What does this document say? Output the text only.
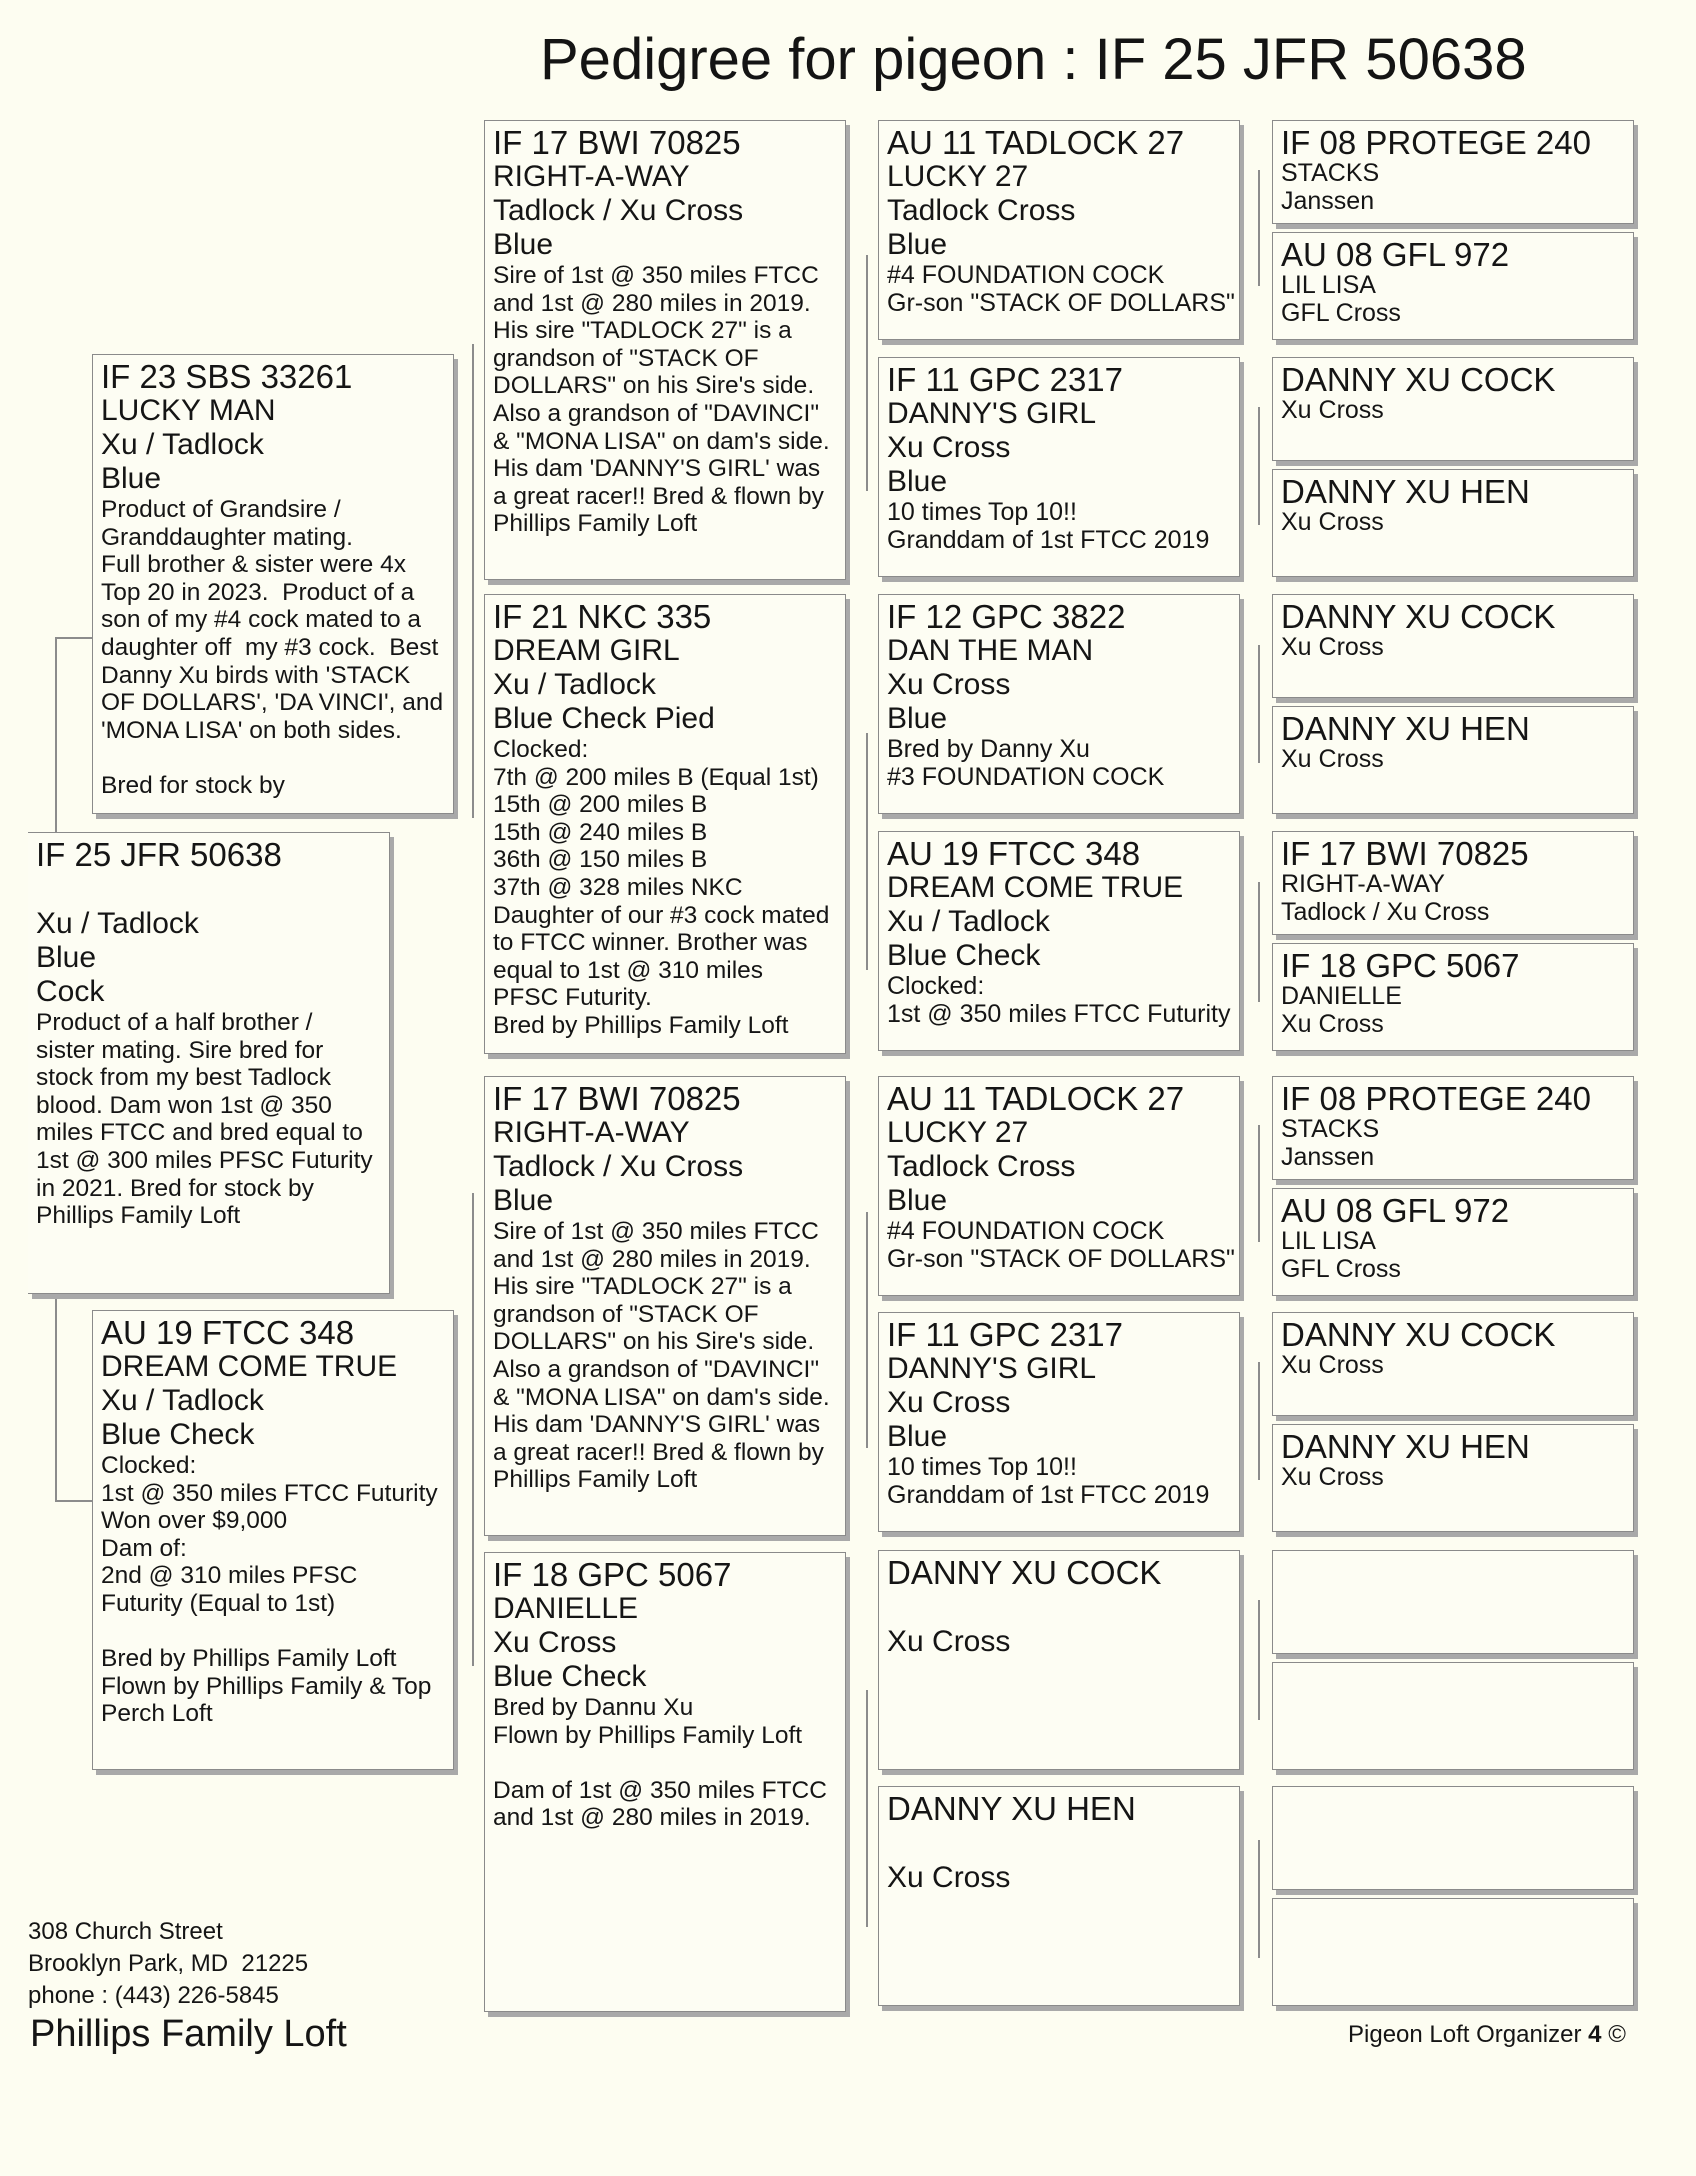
Pedigree for pigeon : IF 25 JFR 50638
IF 25 JFR 50638

Xu / Tadlock
Blue
Cock
Product of a half brother /
sister mating. Sire bred for
stock from my best Tadlock
blood. Dam won 1st @ 350
miles FTCC and bred equal to
1st @ 300 miles PFSC Futurity
in 2021. Bred for stock by
Phillips Family Loft
IF 23 SBS 33261
LUCKY MAN
Xu / Tadlock
Blue
Product of Grandsire /
Granddaughter mating.
Full brother & sister were 4x
Top 20 in 2023.  Product of a
son of my #4 cock mated to a
daughter off  my #3 cock.  Best
Danny Xu birds with 'STACK
OF DOLLARS', 'DA VINCI', and
'MONA LISA' on both sides.

Bred for stock by
AU 19 FTCC 348
DREAM COME TRUE
Xu / Tadlock
Blue Check
Clocked:
1st @ 350 miles FTCC Futurity
Won over $9,000
Dam of:
2nd @ 310 miles PFSC
Futurity (Equal to 1st)

Bred by Phillips Family Loft
Flown by Phillips Family & Top
Perch Loft
IF 17 BWI 70825
RIGHT-A-WAY
Tadlock / Xu Cross
Blue
Sire of 1st @ 350 miles FTCC
and 1st @ 280 miles in 2019.
His sire "TADLOCK 27" is a
grandson of "STACK OF
DOLLARS" on his Sire's side.
Also a grandson of "DAVINCI"
& "MONA LISA" on dam's side.
His dam 'DANNY'S GIRL' was
a great racer!! Bred & flown by
Phillips Family Loft
IF 21 NKC 335
DREAM GIRL
Xu / Tadlock
Blue Check Pied
Clocked:
7th @ 200 miles B (Equal 1st)
15th @ 200 miles B
15th @ 240 miles B
36th @ 150 miles B
37th @ 328 miles NKC
Daughter of our #3 cock mated
to FTCC winner. Brother was
equal to 1st @ 310 miles
PFSC Futurity.
Bred by Phillips Family Loft
IF 17 BWI 70825
RIGHT-A-WAY
Tadlock / Xu Cross
Blue
Sire of 1st @ 350 miles FTCC
and 1st @ 280 miles in 2019.
His sire "TADLOCK 27" is a
grandson of "STACK OF
DOLLARS" on his Sire's side.
Also a grandson of "DAVINCI"
& "MONA LISA" on dam's side.
His dam 'DANNY'S GIRL' was
a great racer!! Bred & flown by
Phillips Family Loft
IF 18 GPC 5067
DANIELLE
Xu Cross
Blue Check
Bred by Dannu Xu
Flown by Phillips Family Loft

Dam of 1st @ 350 miles FTCC
and 1st @ 280 miles in 2019.
AU 11 TADLOCK 27
LUCKY 27
Tadlock Cross
Blue
#4 FOUNDATION COCK
Gr-son "STACK OF DOLLARS"
IF 11 GPC 2317
DANNY'S GIRL
Xu Cross
Blue
10 times Top 10!!
Granddam of 1st FTCC 2019
IF 12 GPC 3822
DAN THE MAN
Xu Cross
Blue
Bred by Danny Xu
#3 FOUNDATION COCK
AU 19 FTCC 348
DREAM COME TRUE
Xu / Tadlock
Blue Check
Clocked:
1st @ 350 miles FTCC Futurity
AU 11 TADLOCK 27
LUCKY 27
Tadlock Cross
Blue
#4 FOUNDATION COCK
Gr-son "STACK OF DOLLARS"
IF 11 GPC 2317
DANNY'S GIRL
Xu Cross
Blue
10 times Top 10!!
Granddam of 1st FTCC 2019
DANNY XU COCK

Xu Cross
DANNY XU HEN

Xu Cross
IF 08 PROTEGE 240
STACKS
Janssen
AU 08 GFL 972
LIL LISA
GFL Cross
DANNY XU COCK
Xu Cross
DANNY XU HEN
Xu Cross
DANNY XU COCK
Xu Cross
DANNY XU HEN
Xu Cross
IF 17 BWI 70825
RIGHT-A-WAY
Tadlock / Xu Cross
IF 18 GPC 5067
DANIELLE
Xu Cross
IF 08 PROTEGE 240
STACKS
Janssen
AU 08 GFL 972
LIL LISA
GFL Cross
DANNY XU COCK
Xu Cross
DANNY XU HEN
Xu Cross
308 Church Street
Brooklyn Park, MD  21225
phone : (443) 226-5845
Phillips Family Loft	Pigeon Loft Organizer 4 ©
